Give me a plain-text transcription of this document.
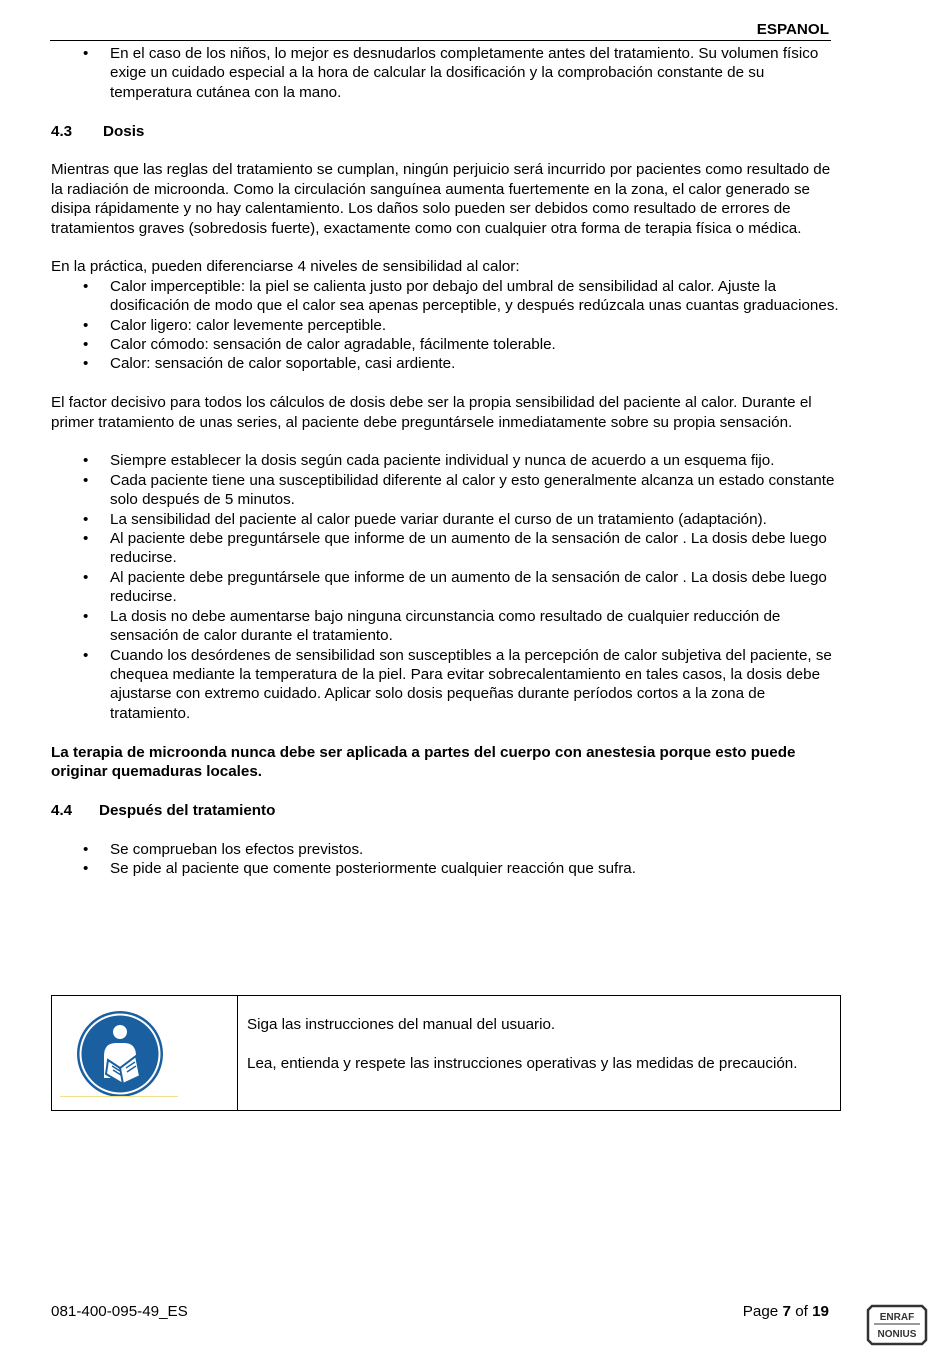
ESPANOL
• En el caso de los niños, lo mejor es desnudarlos completamente antes del tratamiento. Su volumen físico exige un cuidado especial a la hora de calcular la dosificación y la comprobación constante de su temperatura cutánea con la mano.

4.3 Dosis

Mientras que las reglas del tratamiento se cumplan, ningún perjuicio será incurrido por pacientes como resultado de la radiación de microonda. Como la circulación sanguínea aumenta fuertemente en la zona, el calor generado se disipa rápidamente y no hay calentamiento. Los daños solo pueden ser debidos como resultado de errores de tratamientos graves (sobredosis fuerte), exactamente como con cualquier otra forma de terapia física o médica.

En la práctica, pueden diferenciarse 4 niveles de sensibilidad al calor:

• Calor imperceptible: la piel se calienta justo por debajo del umbral de sensibilidad al calor. Ajuste la dosificación de modo que el calor sea apenas perceptible, y después redúzcala unas cuantas graduaciones.
• Calor ligero: calor levemente perceptible.
• Calor cómodo: sensación de calor agradable, fácilmente tolerable.
• Calor: sensación de calor soportable, casi ardiente.

El factor decisivo para todos los cálculos de dosis debe ser la propia sensibilidad del paciente al calor. Durante el primer tratamiento de unas series, al paciente debe preguntársele inmediatamente sobre su propia sensación.

• Siempre establecer la dosis según cada paciente individual y nunca de acuerdo a un esquema fijo.
• Cada paciente tiene una susceptibilidad diferente al calor y esto generalmente alcanza un estado constante solo después de 5 minutos.
• La sensibilidad del paciente al calor puede variar durante el curso de un tratamiento (adaptación).
• Al paciente debe preguntársele que informe de un aumento de la sensación de calor . La dosis debe luego reducirse.
• Al paciente debe preguntársele que informe de un aumento de la sensación de calor . La dosis debe luego reducirse.
• La dosis no debe aumentarse bajo ninguna circunstancia como resultado de cualquier reducción de sensación de calor durante el tratamiento.
• Cuando los desórdenes de sensibilidad son susceptibles a la percepción de calor subjetiva del paciente, se chequea mediante la temperatura de la piel. Para evitar sobrecalentamiento en tales casos, la dosis debe ajustarse con extremo cuidado. Aplicar solo dosis pequeñas durante períodos cortos a la zona de tratamiento.

La terapia de microonda nunca debe ser aplicada a partes del cuerpo con anestesia porque esto puede originar quemaduras locales.

4.4 Después del tratamiento

• Se comprueban los efectos previstos.
• Se pide al paciente que comente posteriormente cualquier reacción que sufra.

Siga las instrucciones del manual del usuario.

Lea, entienda y respete las instrucciones operativas y las medidas de precaución.

081-400-095-49_ES	Page 7 of 19	ENRAF
NONIUS
